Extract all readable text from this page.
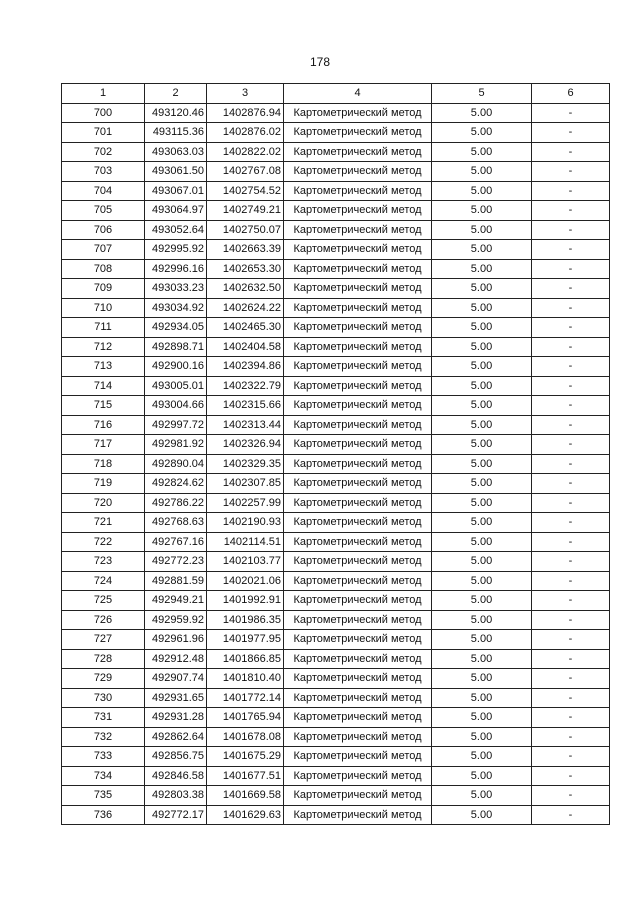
178
1	2	3	4	5	6
700	493120.46	1402876.94	Картометрический метод	5.00	-
701	493115.36	1402876.02	Картометрический метод	5.00	-
702	493063.03	1402822.02	Картометрический метод	5.00	-
703	493061.50	1402767.08	Картометрический метод	5.00	-
704	493067.01	1402754.52	Картометрический метод	5.00	-
705	493064.97	1402749.21	Картометрический метод	5.00	-
706	493052.64	1402750.07	Картометрический метод	5.00	-
707	492995.92	1402663.39	Картометрический метод	5.00	-
708	492996.16	1402653.30	Картометрический метод	5.00	-
709	493033.23	1402632.50	Картометрический метод	5.00	-
710	493034.92	1402624.22	Картометрический метод	5.00	-
711	492934.05	1402465.30	Картометрический метод	5.00	-
712	492898.71	1402404.58	Картометрический метод	5.00	-
713	492900.16	1402394.86	Картометрический метод	5.00	-
714	493005.01	1402322.79	Картометрический метод	5.00	-
715	493004.66	1402315.66	Картометрический метод	5.00	-
716	492997.72	1402313.44	Картометрический метод	5.00	-
717	492981.92	1402326.94	Картометрический метод	5.00	-
718	492890.04	1402329.35	Картометрический метод	5.00	-
719	492824.62	1402307.85	Картометрический метод	5.00	-
720	492786.22	1402257.99	Картометрический метод	5.00	-
721	492768.63	1402190.93	Картометрический метод	5.00	-
722	492767.16	1402114.51	Картометрический метод	5.00	-
723	492772.23	1402103.77	Картометрический метод	5.00	-
724	492881.59	1402021.06	Картометрический метод	5.00	-
725	492949.21	1401992.91	Картометрический метод	5.00	-
726	492959.92	1401986.35	Картометрический метод	5.00	-
727	492961.96	1401977.95	Картометрический метод	5.00	-
728	492912.48	1401866.85	Картометрический метод	5.00	-
729	492907.74	1401810.40	Картометрический метод	5.00	-
730	492931.65	1401772.14	Картометрический метод	5.00	-
731	492931.28	1401765.94	Картометрический метод	5.00	-
732	492862.64	1401678.08	Картометрический метод	5.00	-
733	492856.75	1401675.29	Картометрический метод	5.00	-
734	492846.58	1401677.51	Картометрический метод	5.00	-
735	492803.38	1401669.58	Картометрический метод	5.00	-
736	492772.17	1401629.63	Картометрический метод	5.00	-
